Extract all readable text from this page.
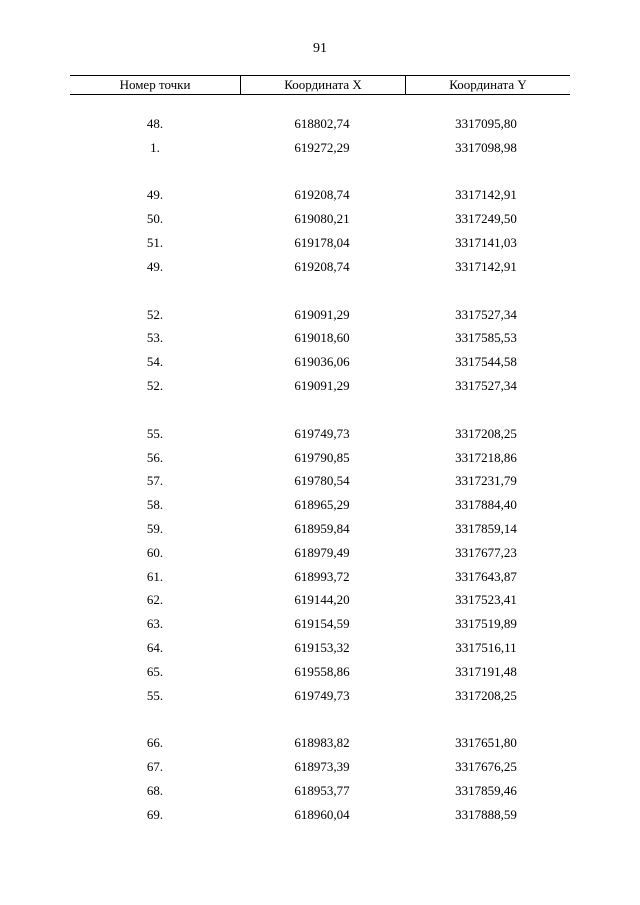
91
Номер точки	Координата X	Координата Y
48.	618802,74	3317095,80
1.	619272,29	3317098,98
49.	619208,74	3317142,91
50.	619080,21	3317249,50
51.	619178,04	3317141,03
49.	619208,74	3317142,91
52.	619091,29	3317527,34
53.	619018,60	3317585,53
54.	619036,06	3317544,58
52.	619091,29	3317527,34
55.	619749,73	3317208,25
56.	619790,85	3317218,86
57.	619780,54	3317231,79
58.	618965,29	3317884,40
59.	618959,84	3317859,14
60.	618979,49	3317677,23
61.	618993,72	3317643,87
62.	619144,20	3317523,41
63.	619154,59	3317519,89
64.	619153,32	3317516,11
65.	619558,86	3317191,48
55.	619749,73	3317208,25
66.	618983,82	3317651,80
67.	618973,39	3317676,25
68.	618953,77	3317859,46
69.	618960,04	3317888,59
